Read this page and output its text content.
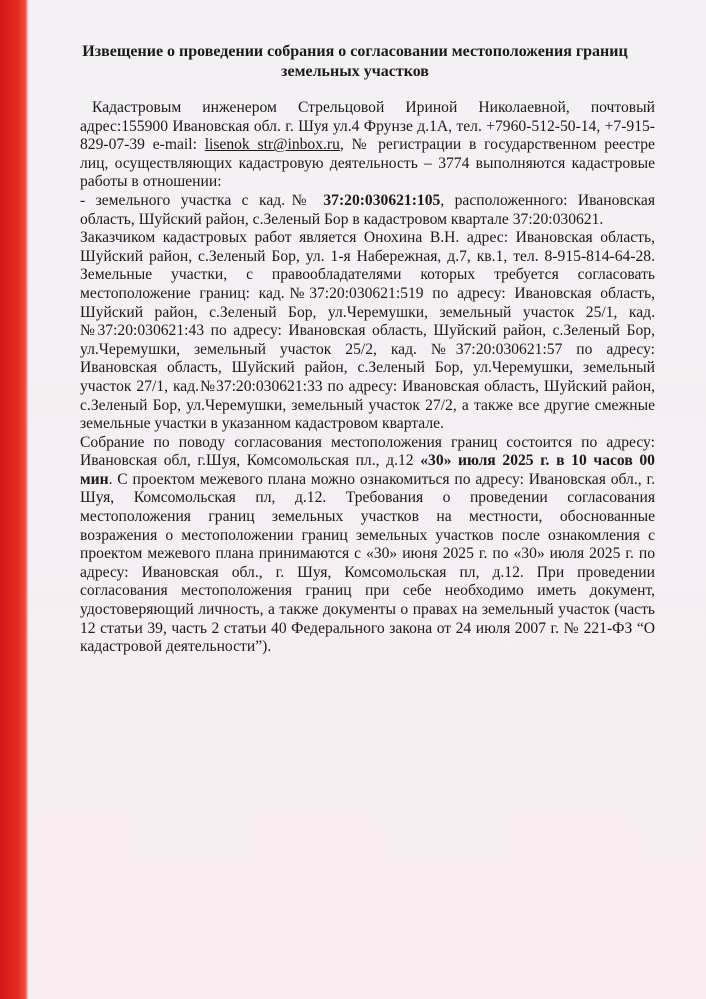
Извещение о проведении собрания о согласовании местоположения границ земельных участков

Кадастровым инженером Стрельцовой Ириной Николаевной, почтовый адрес:155900 Ивановская обл. г. Шуя ул.4 Фрунзе д.1А, тел. +7960-512-50-14, +7-915-829-07-39 e-mail: lisenok_str@inbox.ru, № регистрации в государственном реестре лиц, осуществляющих кадастровую деятельность – 3774 выполняются кадастровые работы в отношении:

- земельного участка с кад.№ 37:20:030621:105, расположенного: Ивановская область, Шуйский район, с.Зеленый Бор в кадастровом квартале 37:20:030621.

Заказчиком кадастровых работ является Онохина В.Н. адрес: Ивановская область, Шуйский район, с.Зеленый Бор, ул. 1-я Набережная, д.7, кв.1, тел. 8-915-814-64-28. Земельные участки, с правообладателями которых требуется согласовать местоположение границ: кад.№37:20:030621:519 по адресу: Ивановская область, Шуйский район, с.Зеленый Бор, ул.Черемушки, земельный участок 25/1, кад.№37:20:030621:43 по адресу: Ивановская область, Шуйский район, с.Зеленый Бор, ул.Черемушки, земельный участок 25/2, кад. №37:20:030621:57 по адресу: Ивановская область, Шуйский район, с.Зеленый Бор, ул.Черемушки, земельный участок 27/1, кад.№37:20:030621:33 по адресу: Ивановская область, Шуйский район, с.Зеленый Бор, ул.Черемушки, земельный участок 27/2, а также все другие смежные земельные участки в указанном кадастровом квартале.

Собрание по поводу согласования местоположения границ состоится по адресу: Ивановская обл, г.Шуя, Комсомольская пл., д.12 «30» июля 2025 г. в 10 часов 00 мин. С проектом межевого плана можно ознакомиться по адресу: Ивановская обл., г. Шуя, Комсомольская пл, д.12. Требования о проведении согласования местоположения границ земельных участков на местности, обоснованные возражения о местоположении границ земельных участков после ознакомления с проектом межевого плана принимаются с «30» июня 2025 г. по «30» июля 2025 г. по адресу: Ивановская обл., г. Шуя, Комсомольская пл, д.12. При проведении согласования местоположения границ при себе необходимо иметь документ, удостоверяющий личность, а также документы о правах на земельный участок (часть 12 статьи 39, часть 2 статьи 40 Федерального закона от 24 июля 2007 г. № 221-ФЗ “О кадастровой деятельности”).
